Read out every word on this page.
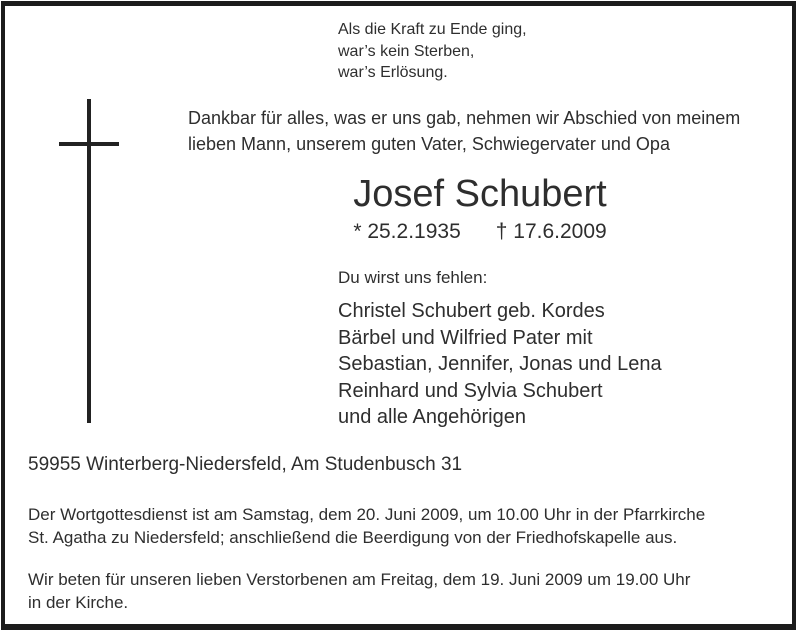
Als die Kraft zu Ende ging,
war’s kein Sterben,
war’s Erlösung.
Dankbar für alles, was er uns gab, nehmen wir Abschied von meinem
lieben Mann, unserem guten Vater, Schwiegervater und Opa
Josef Schubert
* 25.2.1935 † 17.6.2009
Du wirst uns fehlen:
Christel Schubert geb. Kordes
Bärbel und Wilfried Pater mit
Sebastian, Jennifer, Jonas und Lena
Reinhard und Sylvia Schubert
und alle Angehörigen
59955 Winterberg-Niedersfeld, Am Studenbusch 31
Der Wortgottesdienst ist am Samstag, dem 20. Juni 2009, um 10.00 Uhr in der Pfarrkirche
St. Agatha zu Niedersfeld; anschließend die Beerdigung von der Friedhofskapelle aus.
Wir beten für unseren lieben Verstorbenen am Freitag, dem 19. Juni 2009 um 19.00 Uhr
in der Kirche.
